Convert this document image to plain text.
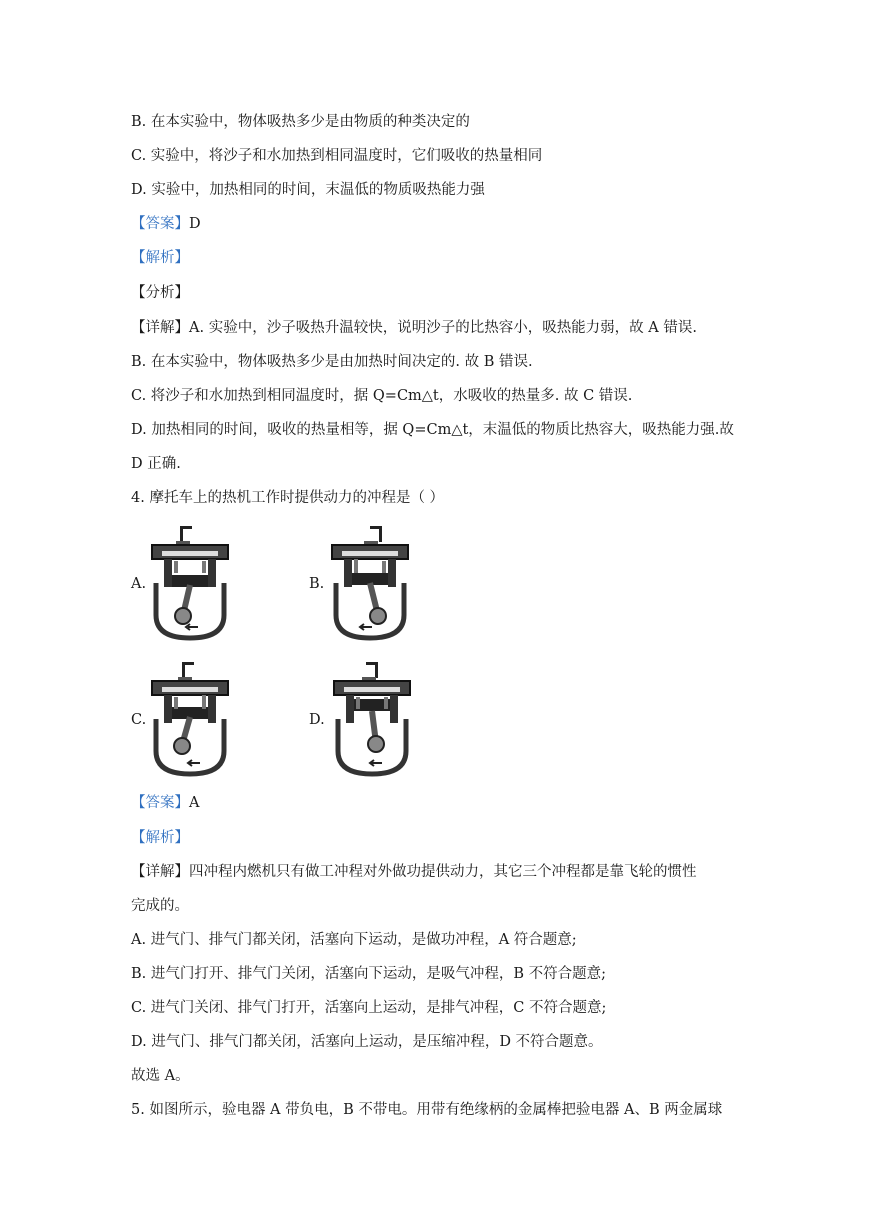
B. 在本实验中，物体吸热多少是由物质的种类决定的
C. 实验中，将沙子和水加热到相同温度时，它们吸收的热量相同
D. 实验中，加热相同的时间，末温低的物质吸热能力强
【答案】D
【解析】
【分析】
【详解】A. 实验中，沙子吸热升温较快，说明沙子的比热容小，吸热能力弱，故 A 错误.
B. 在本实验中，物体吸热多少是由加热时间决定的. 故 B 错误.
C. 将沙子和水加热到相同温度时，据 Q=Cm△t，水吸收的热量多. 故 C 错误.
D. 加热相同的时间，吸收的热量相等，据 Q=Cm△t，末温低的物质比热容大，吸热能力强.故
D 正确.
4. 摩托车上的热机工作时提供动力的冲程是（ ）
A.	B.
C.	D.
【答案】A
【解析】
【详解】四冲程内燃机只有做工冲程对外做功提供动力，其它三个冲程都是靠飞轮的惯性
完成的。
A. 进气门、排气门都关闭，活塞向下运动，是做功冲程，A 符合题意;
B. 进气门打开、排气门关闭，活塞向下运动，是吸气冲程，B 不符合题意;
C. 进气门关闭、排气门打开，活塞向上运动，是排气冲程，C 不符合题意;
D. 进气门、排气门都关闭，活塞向上运动，是压缩冲程，D 不符合题意。
故选 A。
5. 如图所示，验电器 A 带负电，B 不带电。用带有绝缘柄的金属棒把验电器 A、B 两金属球
